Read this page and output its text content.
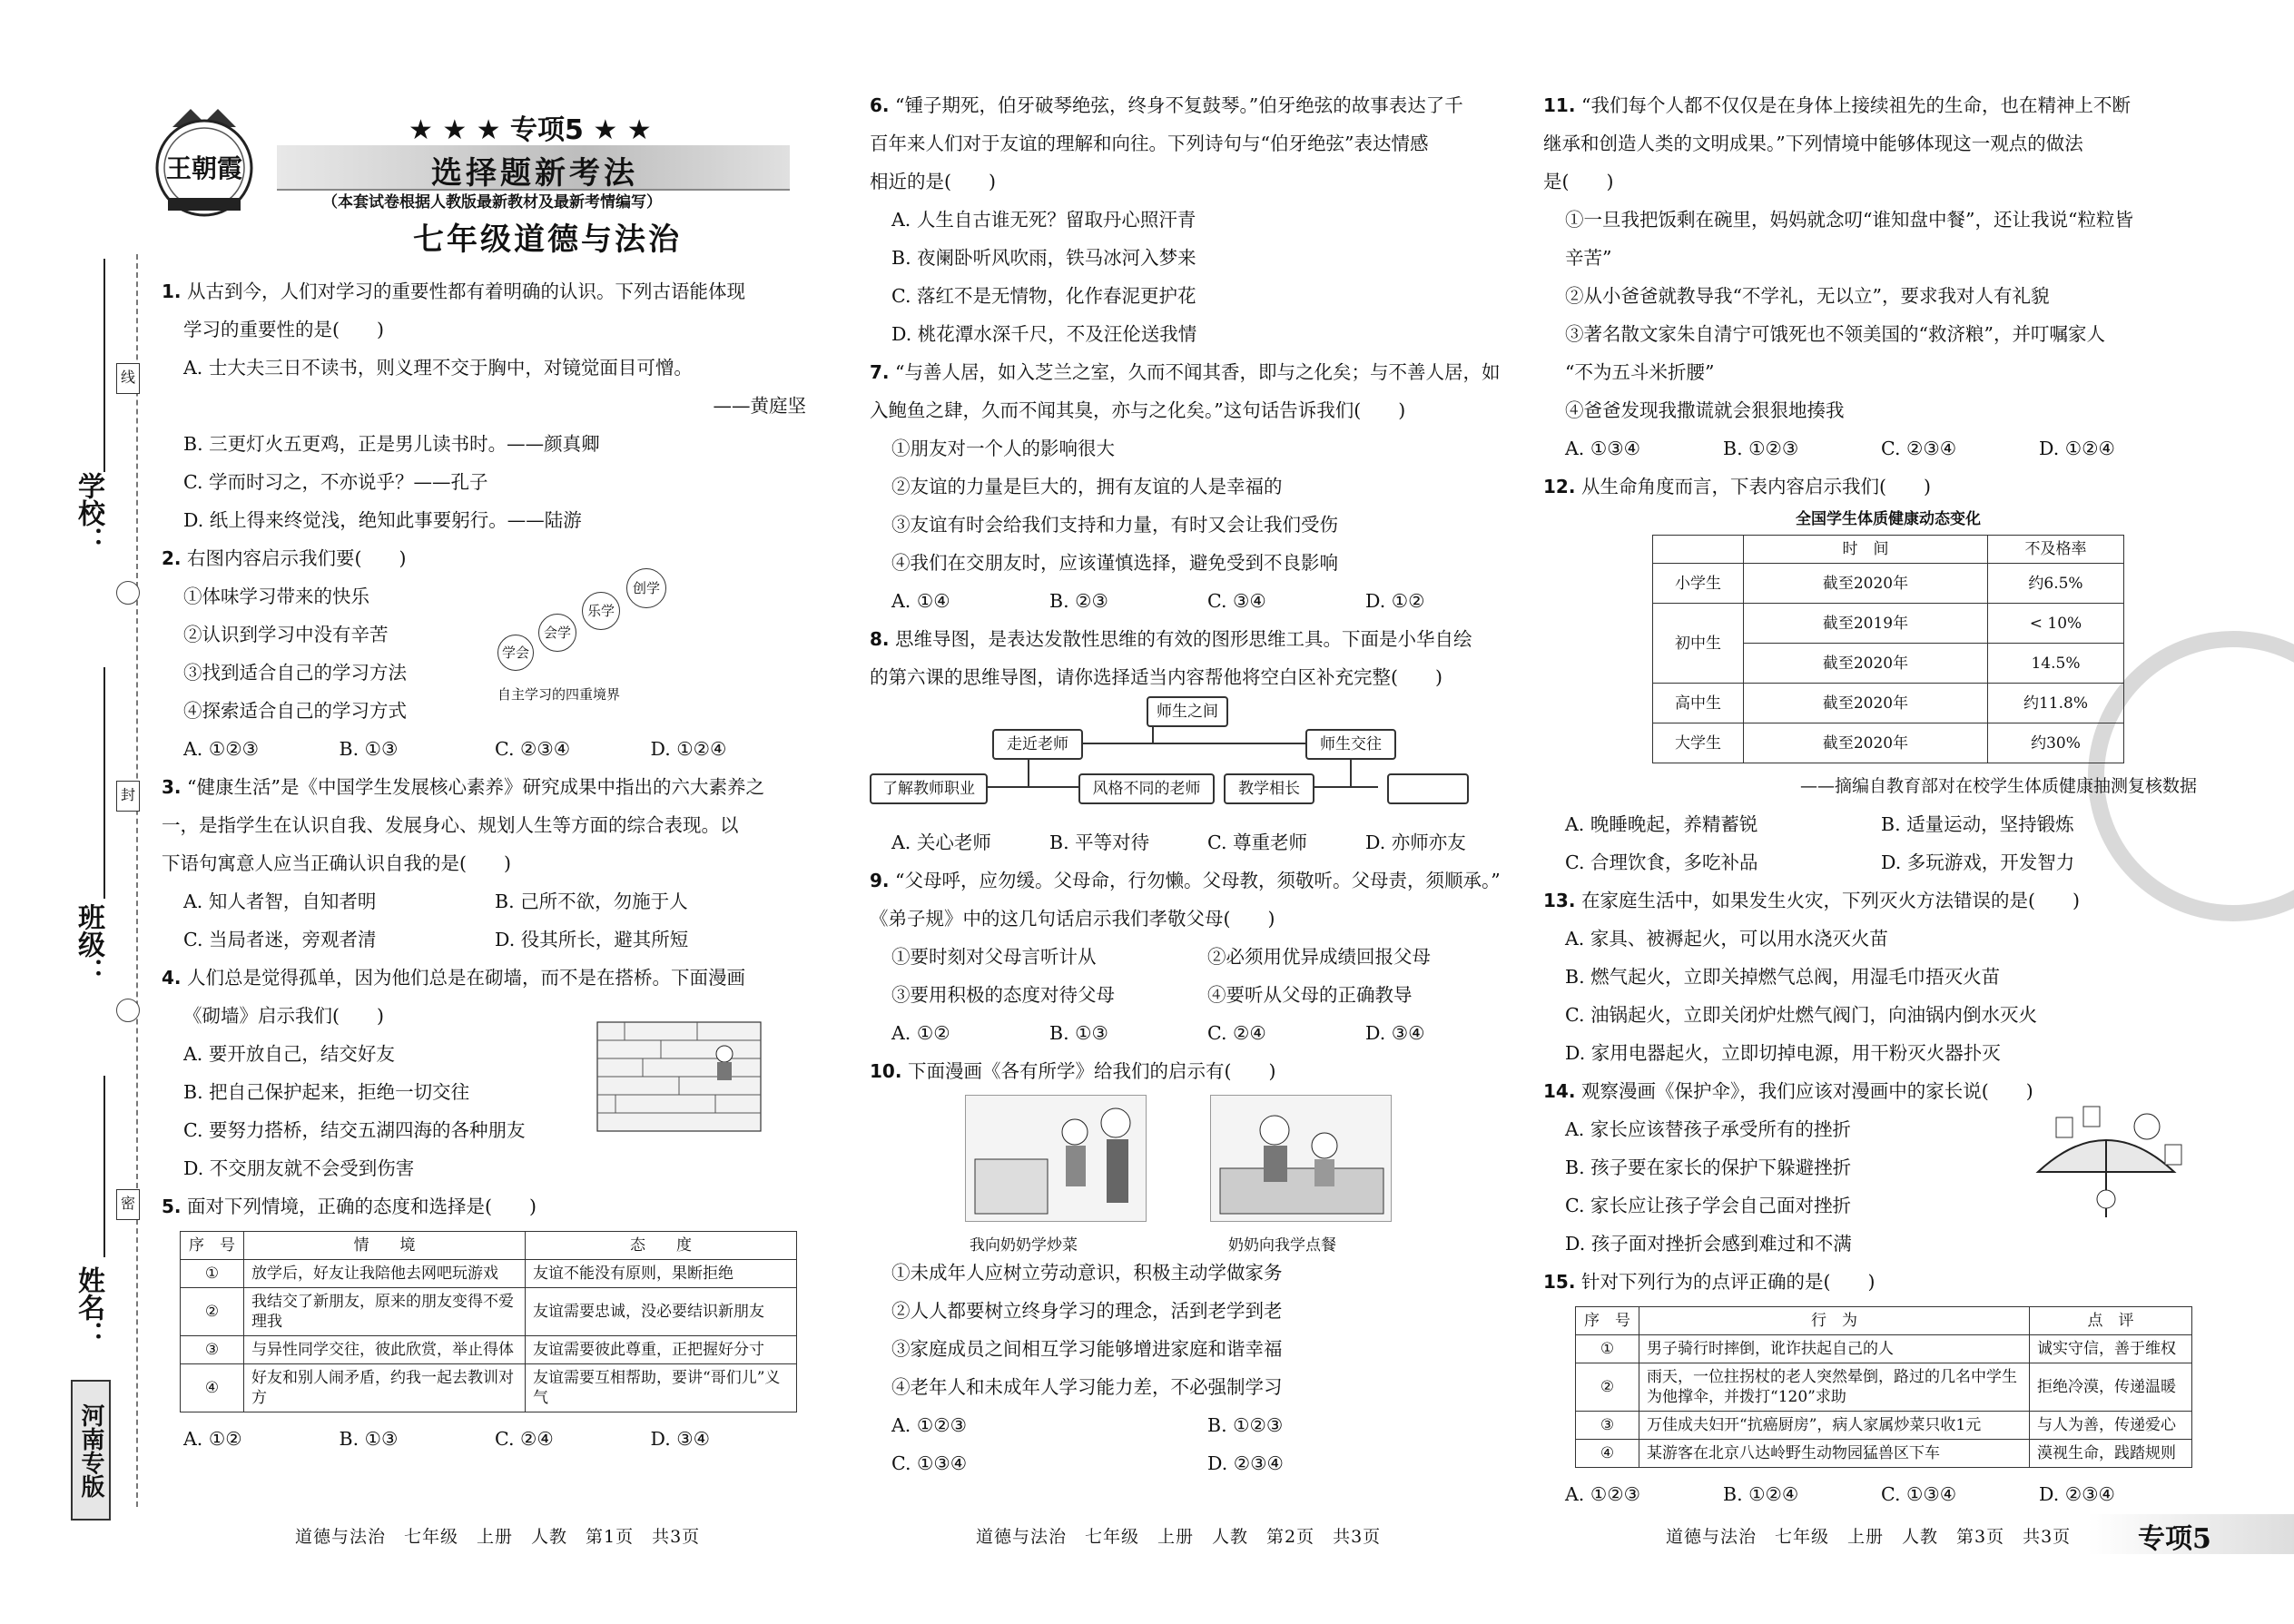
学校：
班级：
姓名：
线
封
密
河南专版
王朝霞
★ ★ ★ 专项5 ★ ★
选择题新考法
（本套试卷根据人教版最新教材及最新考情编写）
七年级道德与法治

1. 从古到今，人们对学习的重要性都有着明确的认识。下列古语能体现

学习的重要性的是(　　)

A. 士大夫三日不读书，则义理不交于胸中，对镜觉面目可憎。

——黄庭坚

B. 三更灯火五更鸡，正是男儿读书时。——颜真卿

C. 学而时习之，不亦说乎？——孔子

D. 纸上得来终觉浅，绝知此事要躬行。——陆游

2. 右图内容启示我们要(　　)

①体味学习带来的快乐

②认识到学习中没有辛苦

③找到适合自己的学习方法

④探索适合自己的学习方式

学会
会学
乐学
创学
自主学习的四重境界

A. ①②③	B. ①③	C. ②③④	D. ①②④

3. “健康生活”是《中国学生发展核心素养》研究成果中指出的六大素养之

一，是指学生在认识自我、发展身心、规划人生等方面的综合表现。以

下语句寓意人应当正确认识自我的是(　　)

A. 知人者智，自知者明	B. 己所不欲，勿施于人

C. 当局者迷，旁观者清	D. 役其所长，避其所短

4. 人们总是觉得孤单，因为他们总是在砌墙，而不是在搭桥。下面漫画

《砌墙》启示我们(　　)

A. 要开放自己，结交好友

B. 把自己保护起来，拒绝一切交往

C. 要努力搭桥，结交五湖四海的各种朋友

D. 不交朋友就不会受到伤害

5. 面对下列情境，正确的态度和选择是(　　)

序　号	情　　境	态　　度
①	放学后，好友让我陪他去网吧玩游戏	友谊不能没有原则，果断拒绝
②	我结交了新朋友，原来的朋友变得不爱理我	友谊需要忠诚，没必要结识新朋友
③	与异性同学交往，彼此欣赏，举止得体	友谊需要彼此尊重，正把握好分寸
④	好友和别人闹矛盾，约我一起去教训对方	友谊需要互相帮助，要讲“哥们儿”义气

A. ①②	B. ①③	C. ②④	D. ③④

6. “锺子期死，伯牙破琴绝弦，终身不复鼓琴。”伯牙绝弦的故事表达了千

百年来人们对于友谊的理解和向往。下列诗句与“伯牙绝弦”表达情感

相近的是(　　)

A. 人生自古谁无死？留取丹心照汗青

B. 夜阑卧听风吹雨，铁马冰河入梦来

C. 落红不是无情物，化作春泥更护花

D. 桃花潭水深千尺，不及汪伦送我情

7. “与善人居，如入芝兰之室，久而不闻其香，即与之化矣；与不善人居，如

入鲍鱼之肆，久而不闻其臭，亦与之化矣。”这句话告诉我们(　　)

①朋友对一个人的影响很大

②友谊的力量是巨大的，拥有友谊的人是幸福的

③友谊有时会给我们支持和力量，有时又会让我们受伤

④我们在交朋友时，应该谨慎选择，避免受到不良影响

A. ①④	B. ②③	C. ③④	D. ①②

8. 思维导图，是表达发散性思维的有效的图形思维工具。下面是小华自绘

的第六课的思维导图，请你选择适当内容帮他将空白区补充完整(　　)

师生之间
走近老师	师生交往
了解教师职业	风格不同的老师	教学相长

A. 关心老师	B. 平等对待	C. 尊重老师	D. 亦师亦友

9. “父母呼，应勿缓。父母命，行勿懒。父母教，须敬听。父母责，须顺承。”

《弟子规》中的这几句话启示我们孝敬父母(　　)

①要时刻对父母言听计从	②必须用优异成绩回报父母

③要用积极的态度对待父母	④要听从父母的正确教导

A. ①②	B. ①③	C. ②④	D. ③④

10. 下面漫画《各有所学》给我们的启示有(　　)

我向奶奶学炒菜	奶奶向我学点餐

①未成年人应树立劳动意识，积极主动学做家务

②人人都要树立终身学习的理念，活到老学到老

③家庭成员之间相互学习能够增进家庭和谐幸福

④老年人和未成年人学习能力差，不必强制学习

A. ①②③	B. ①②③

C. ①③④	D. ②③④

11. “我们每个人都不仅仅是在身体上接续祖先的生命，也在精神上不断

继承和创造人类的文明成果。”下列情境中能够体现这一观点的做法

是(　　)

①一旦我把饭剩在碗里，妈妈就念叨“谁知盘中餐”，还让我说“粒粒皆

辛苦”

②从小爸爸就教导我“不学礼，无以立”，要求我对人有礼貌

③著名散文家朱自清宁可饿死也不领美国的“救济粮”，并叮嘱家人

“不为五斗米折腰”

④爸爸发现我撒谎就会狠狠地揍我

A. ①③④	B. ①②③	C. ②③④	D. ①②④

12. 从生命角度而言，下表内容启示我们(　　)

全国学生体质健康动态变化
	时　间	不及格率
小学生	截至2020年	约6.5%
初中生	截至2019年	< 10%
	截至2020年	14.5%
高中生	截至2020年	约11.8%
大学生	截至2020年	约30%

——摘编自教育部对在校学生体质健康抽测复核数据

A. 晚睡晚起，养精蓄锐	B. 适量运动，坚持锻炼

C. 合理饮食，多吃补品	D. 多玩游戏，开发智力

13. 在家庭生活中，如果发生火灾，下列灭火方法错误的是(　　)

A. 家具、被褥起火，可以用水浇灭火苗

B. 燃气起火，立即关掉燃气总阀，用湿毛巾捂灭火苗

C. 油锅起火，立即关闭炉灶燃气阀门，向油锅内倒水灭火

D. 家用电器起火，立即切掉电源，用干粉灭火器扑灭

14. 观察漫画《保护伞》，我们应该对漫画中的家长说(　　)

A. 家长应该替孩子承受所有的挫折

B. 孩子要在家长的保护下躲避挫折

C. 家长应让孩子学会自己面对挫折

D. 孩子面对挫折会感到难过和不满

15. 针对下列行为的点评正确的是(　　)

序　号	行　为	点　评
①	男子骑行时摔倒，讹诈扶起自己的人	诚实守信，善于维权
②	雨天，一位拄拐杖的老人突然晕倒，路过的几名中学生为他撑伞，并拨打“120”求助	拒绝冷漠，传递温暖
③	万佳成夫妇开“抗癌厨房”，病人家属炒菜只收1元	与人为善，传递爱心
④	某游客在北京八达岭野生动物园猛兽区下车	漠视生命，践踏规则

A. ①②③	B. ①②④	C. ①③④	D. ②③④

道德与法治　七年级　上册　人教　第1页　共3页	道德与法治　七年级　上册　人教　第2页　共3页	道德与法治　七年级　上册　人教　第3页　共3页 专项5
